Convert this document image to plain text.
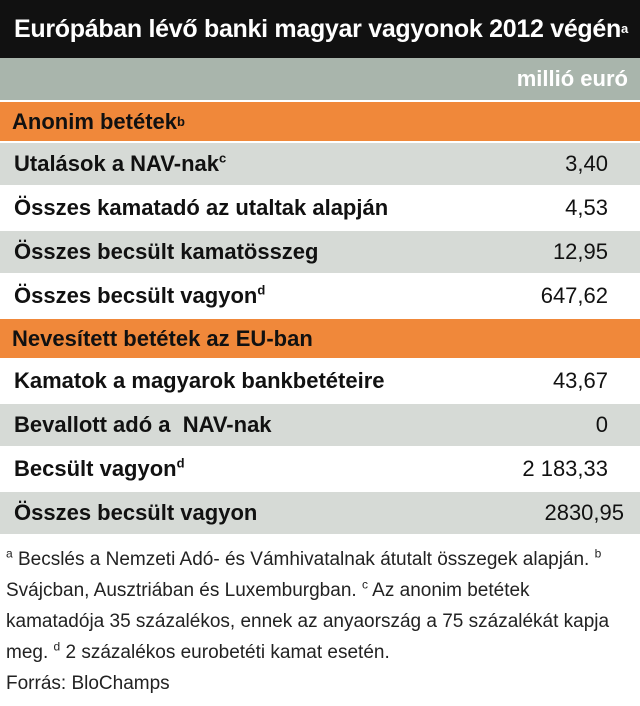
Európában lévő banki magyar vagyonok 2012 végén a
millió euró
Anonim betétek b
Utalások a NAV-nak$^c$	3,40
Összes kamatadó az utaltak alapján	4,53
Összes becsült kamatösszeg	12,95
Összes becsült vagyon$^d$	647,62
Nevesített betétek az EU-ban
Kamatok a magyarok bankbetéteire	43,67
Bevallott adó a  NAV-nak	0
Becsült vagyon$^d$	2 183,33
Összes becsült vagyon	2830,95
$^a$ Becslés a Nemzeti Adó- és Vámhivatalnak átutalt összegek alapján. $^b$ Svájcban, Ausztriában és Luxemburgban. $^c$ Az anonim betétek kamatadója 35 százalékos, ennek az anyaország a 75 százalékát kapja meg. $^d$ 2 százalékos eurobetéti kamat esetén.
Forrás: BloChamps
